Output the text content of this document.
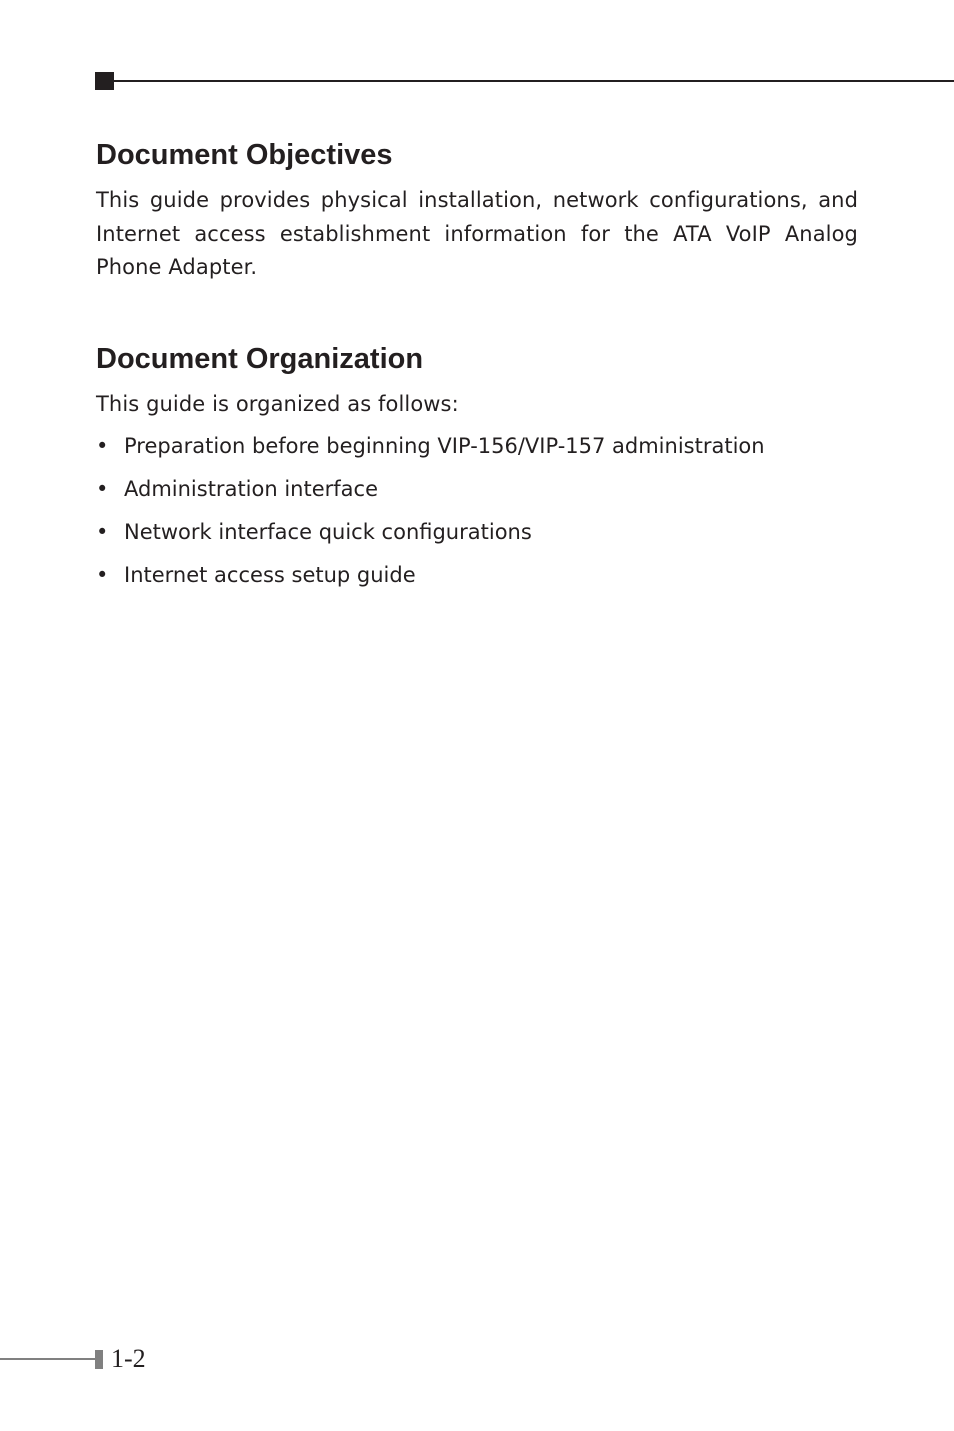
Document Objectives

This guide provides physical installation, network configurations, and Internet access establishment information for the ATA VoIP Analog Phone Adapter.

Document Organization

This guide is organized as follows:

• Preparation before beginning VIP-156/VIP-157 administration
• Administration interface
• Network interface quick configurations
• Internet access setup guide
1-2
